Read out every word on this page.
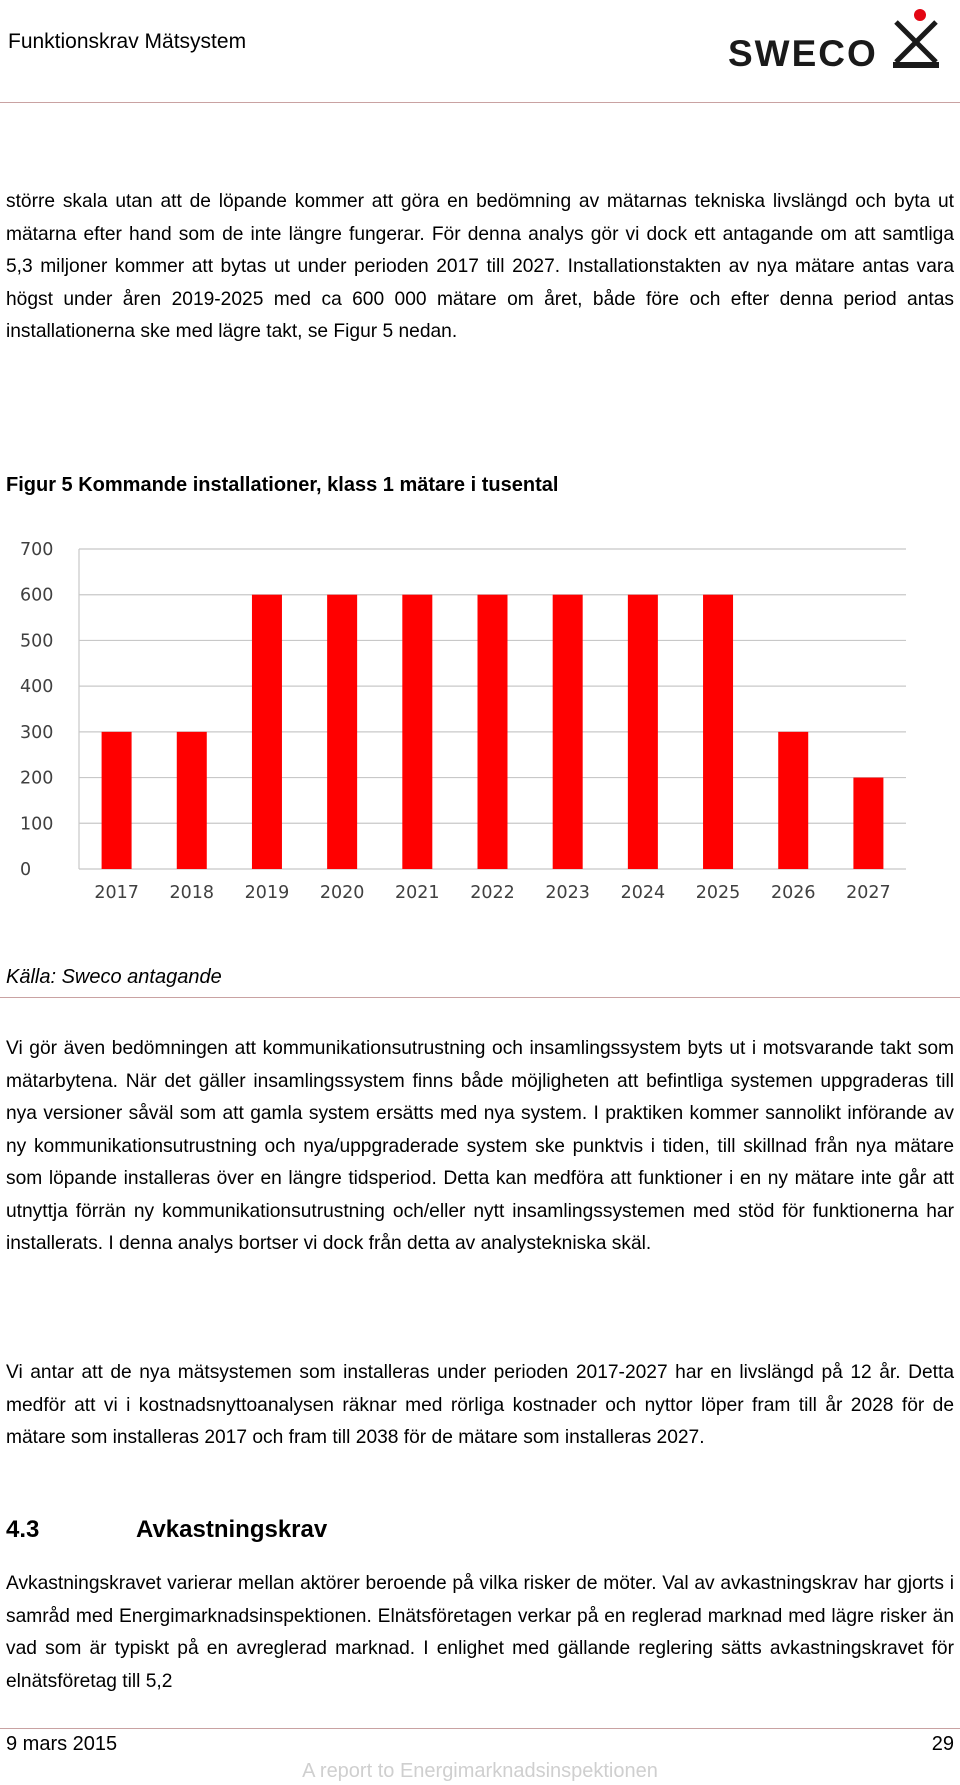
Funktionskrav Mätsystem	SWECO

större skala utan att de löpande kommer att göra en bedömning av mätarnas tekniska livslängd och byta ut mätarna efter hand som de inte längre fungerar. För denna analys gör vi dock ett antagande om att samtliga 5,3 miljoner kommer att bytas ut under perioden 2017 till 2027. Installationstakten av nya mätare antas vara högst under åren 2019-2025 med ca 600 000 mätare om året, både före och efter denna period antas installationerna ske med lägre takt, se Figur 5 nedan.

Figur 5 Kommande installationer, klass 1 mätare i tusental
0
100
200
300
400
500
600
700
2017 2018 2019 2020 2021 2022 2023 2024 2025 2026 2027
Källa: Sweco antagande

Vi gör även bedömningen att kommunikationsutrustning och insamlingssystem byts ut i motsvarande takt som mätarbytena. När det gäller insamlingssystem finns både möjligheten att befintliga systemen uppgraderas till nya versioner såväl som att gamla system ersätts med nya system. I praktiken kommer sannolikt införande av ny kommunikationsutrustning och nya/uppgraderade system ske punktvis i tiden, till skillnad från nya mätare som löpande installeras över en längre tidsperiod. Detta kan medföra att funktioner i en ny mätare inte går att utnyttja förrän ny kommunikationsutrustning och/eller nytt insamlingssystemen med stöd för funktionerna har installerats. I denna analys bortser vi dock från detta av analystekniska skäl.

Vi antar att de nya mätsystemen som installeras under perioden 2017-2027 har en livslängd på 12 år. Detta medför att vi i kostnadsnyttoanalysen räknar med rörliga kostnader och nyttor löper fram till år 2028 för de mätare som installeras 2017 och fram till 2038 för de mätare som installeras 2027.

4.3	Avkastningskrav

Avkastningskravet varierar mellan aktörer beroende på vilka risker de möter. Val av avkastningskrav har gjorts i samråd med Energimarknadsinspektionen. Elnätsföretagen verkar på en reglerad marknad med lägre risker än vad som är typiskt på en avreglerad marknad. I enlighet med gällande reglering sätts avkastningskravet för elnätsföretag till 5,2

9 mars 2015	29
A report to Energimarknadsinspektionen
